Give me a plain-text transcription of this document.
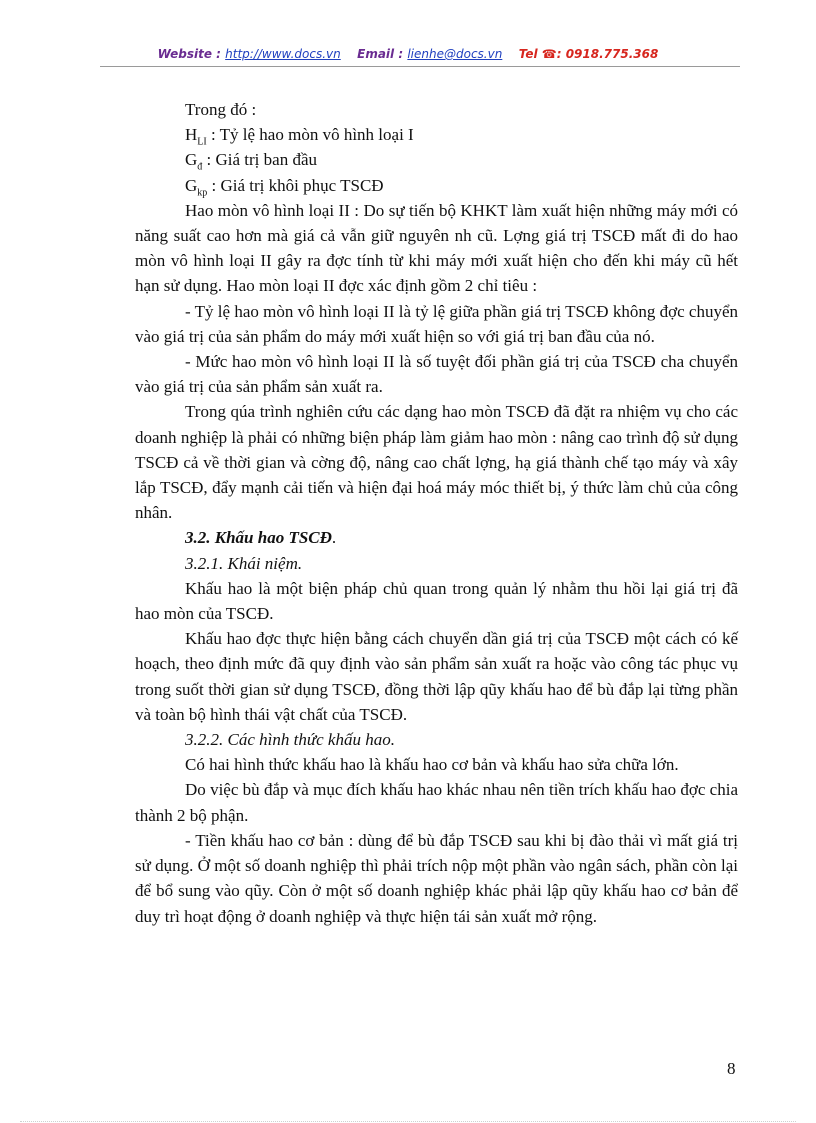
Website : http://www.docs.vn Email : lienhe@docs.vn Tel ☎: 0918.775.368

Trong đó :

$H_{LI}$ : Tỷ lệ hao mòn vô hình loại I

$G_đ$ : Giá trị ban đầu

$G_{kp}$ : Giá trị khôi phục TSCĐ

Hao mòn vô hình loại II : Do sự tiến bộ KHKT làm xuất hiện những máy mới có năng suất cao hơn mà giá cả vẫn giữ nguyên nh cũ. Lợng giá trị TSCĐ mất đi do hao mòn vô hình loại II gây ra đợc tính từ khi máy mới xuất hiện cho đến khi máy cũ hết hạn sử dụng. Hao mòn loại II đợc xác định gồm 2 chỉ tiêu :

- Tỷ lệ hao mòn vô hình loại II là tỷ lệ giữa phần giá trị TSCĐ không đợc chuyển vào giá trị của sản phẩm do máy mới xuất hiện so với giá trị ban đầu của nó.

- Mức hao mòn vô hình loại II là số tuyệt đối phần giá trị của TSCĐ cha chuyển vào giá trị của sản phẩm sản xuất ra.

Trong qúa trình nghiên cứu các dạng hao mòn TSCĐ đã đặt ra nhiệm vụ cho các doanh nghiệp là phải có những biện pháp làm giảm hao mòn : nâng cao trình độ sử dụng TSCĐ cả về thời gian và cờng độ, nâng cao chất lợng, hạ giá thành chế tạo máy và xây lắp TSCĐ, đẩy mạnh cải tiến và hiện đại hoá máy móc thiết bị, ý thức làm chủ của công nhân.

3.2. Khấu hao TSCĐ.

3.2.1. Khái niệm.

Khấu hao là một biện pháp chủ quan trong quản lý nhằm thu hồi lại giá trị đã hao mòn của TSCĐ.

Khấu hao đợc thực hiện bằng cách chuyển dần giá trị của TSCĐ một cách có kế hoạch, theo định mức đã quy định vào sản phẩm sản xuất ra hoặc vào công tác phục vụ trong suốt thời gian sử dụng TSCĐ, đồng thời lập qũy khấu hao để bù đắp lại từng phần và toàn bộ hình thái vật chất của TSCĐ.

3.2.2. Các hình thức khấu hao.

Có hai hình thức khấu hao là khấu hao cơ bản và khấu hao sửa chữa lớn.

Do việc bù đắp và mục đích khấu hao khác nhau nên tiền trích khấu hao đợc chia thành 2 bộ phận.

- Tiền khấu hao cơ bản : dùng để bù đắp TSCĐ sau khi bị đào thải vì mất giá trị sử dụng. Ở một số doanh nghiệp thì phải trích nộp một phần vào ngân sách, phần còn lại để bổ sung vào qũy. Còn ở một số doanh nghiệp khác phải lập qũy khấu hao cơ bản để duy trì hoạt động ở doanh nghiệp và thực hiện tái sản xuất mở rộng.

8
